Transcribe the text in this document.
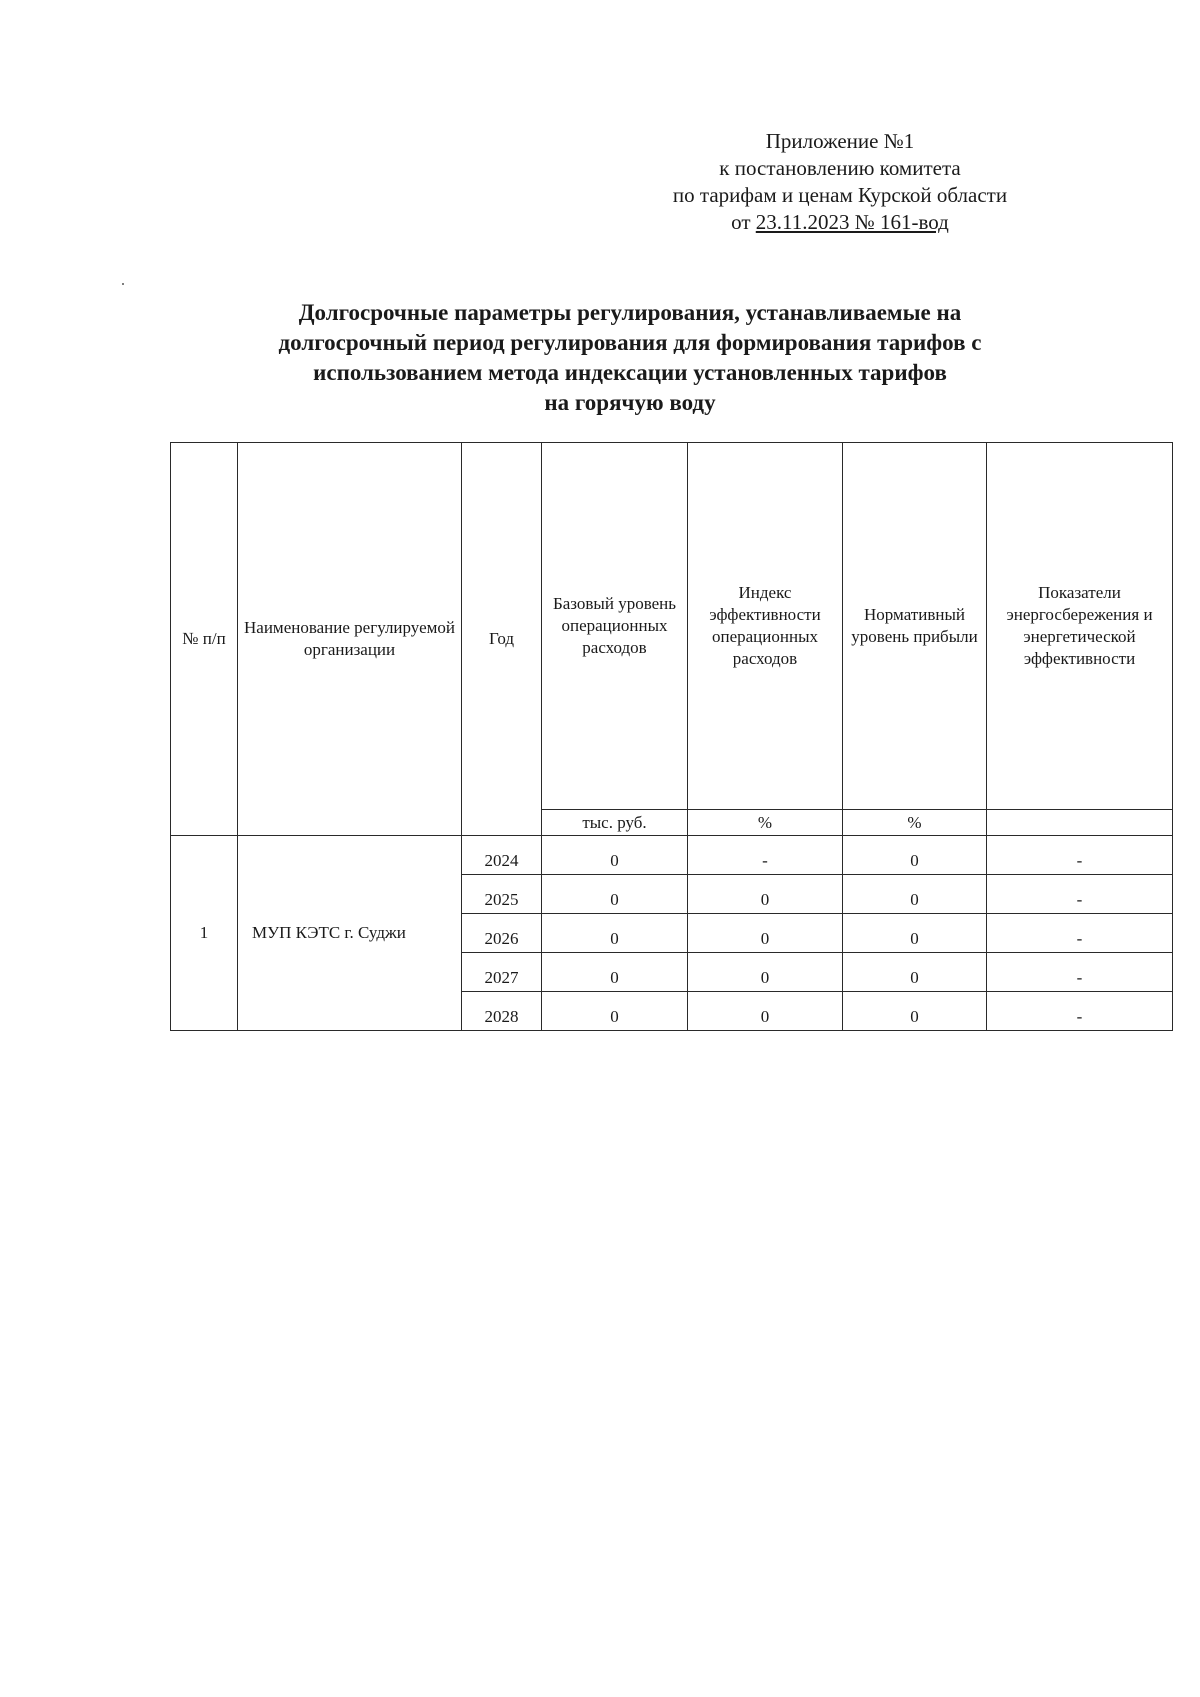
Приложение №1
к постановлению комитета
по тарифам и ценам Курской области
от 23.11.2023 № 161-вод
Долгосрочные параметры регулирования, устанавливаемые на
долгосрочный период регулирования для формирования тарифов с
использованием метода индексации установленных тарифов
на горячую воду
№ п/п	Наименование регулируемой организации	Год	Базовый уровень операционных расходов	Индекс эффективности операционных расходов	Нормативный уровень прибыли	Показатели энергосбережения и энергетической эффективности
			тыс. руб.	%	%	
1	МУП КЭТС г. Суджи	2024	0	-	0	-
		2025	0	0	0	-
		2026	0	0	0	-
		2027	0	0	0	-
		2028	0	0	0	-
